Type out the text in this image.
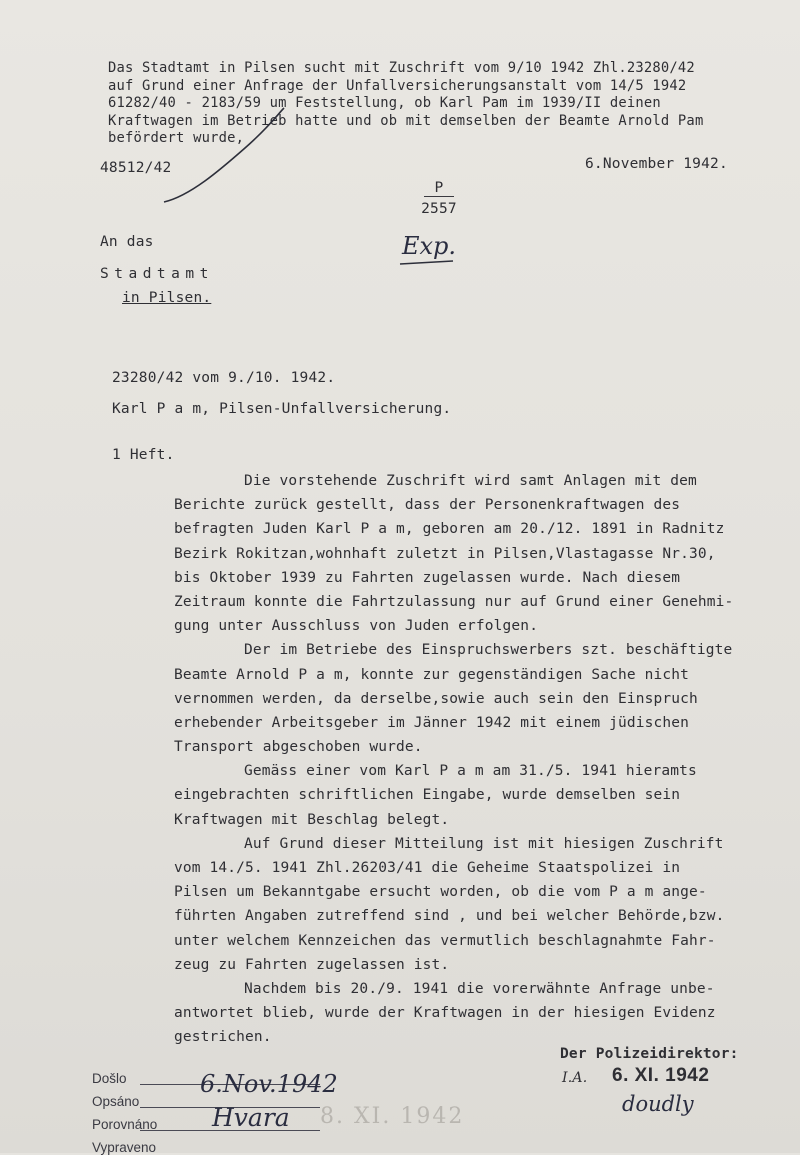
Das Stadtamt in Pilsen sucht mit Zuschrift vom 9/10 1942 Zhl.23280/42
auf Grund einer Anfrage der Unfallversicherungsanstalt vom 14/5 1942
61282/40 - 2183/59 um Feststellung, ob Karl Pam im 1939/II deinen
Kraftwagen im Betrieb hatte und ob mit demselben der Beamte Arnold Pam
befördert wurde,
48512/42	6.November 1942.
P
2557
Exp.
An das
Stadtamt
in Pilsen.
23280/42 vom 9./10. 1942.
Karl P a m, Pilsen-Unfallversicherung.
1 Heft.
Die vorstehende Zuschrift wird samt Anlagen mit dem
Berichte zurück gestellt, dass der Personenkraftwagen des
befragten Juden Karl P a m, geboren am 20./12. 1891 in Radnitz
Bezirk Rokitzan,wohnhaft zuletzt in Pilsen,Vlastagasse Nr.30,
bis Oktober 1939 zu Fahrten zugelassen wurde. Nach diesem
Zeitraum konnte die Fahrtzulassung nur auf Grund einer Genehmi-
gung unter Ausschluss von Juden erfolgen.
Der im Betriebe des Einspruchswerbers szt. beschäftigte
Beamte Arnold P a m, konnte zur gegenständigen Sache nicht
vernommen werden, da derselbe,sowie auch sein den Einspruch
erhebender Arbeitsgeber im Jänner 1942 mit einem jüdischen
Transport abgeschoben wurde.
Gemäss einer vom Karl P a m am 31./5. 1941 hieramts
eingebrachten schriftlichen Eingabe, wurde demselben sein
Kraftwagen mit Beschlag belegt.
Auf Grund dieser Mitteilung ist mit hiesigen Zuschrift
vom 14./5. 1941 Zhl.26203/41 die Geheime Staatspolizei in
Pilsen um Bekanntgabe ersucht worden, ob die vom P a m ange-
führten Angaben zutreffend sind , und bei welcher Behörde,bzw.
unter welchem Kennzeichen das vermutlich beschlagnahmte Fahr-
zeug zu Fahrten zugelassen ist.
Nachdem bis 20./9. 1941 die vorerwähnte Anfrage unbe-
antwortet blieb, wurde der Kraftwagen in der hiesigen Evidenz
gestrichen.
Der Polizeidirektor:
I.A. 6. XI. 1942
doudly
Došlo
Opsáno
Porovnáno
Vypraveno
6.Nov.1942
Hvara 8. XI. 1942
